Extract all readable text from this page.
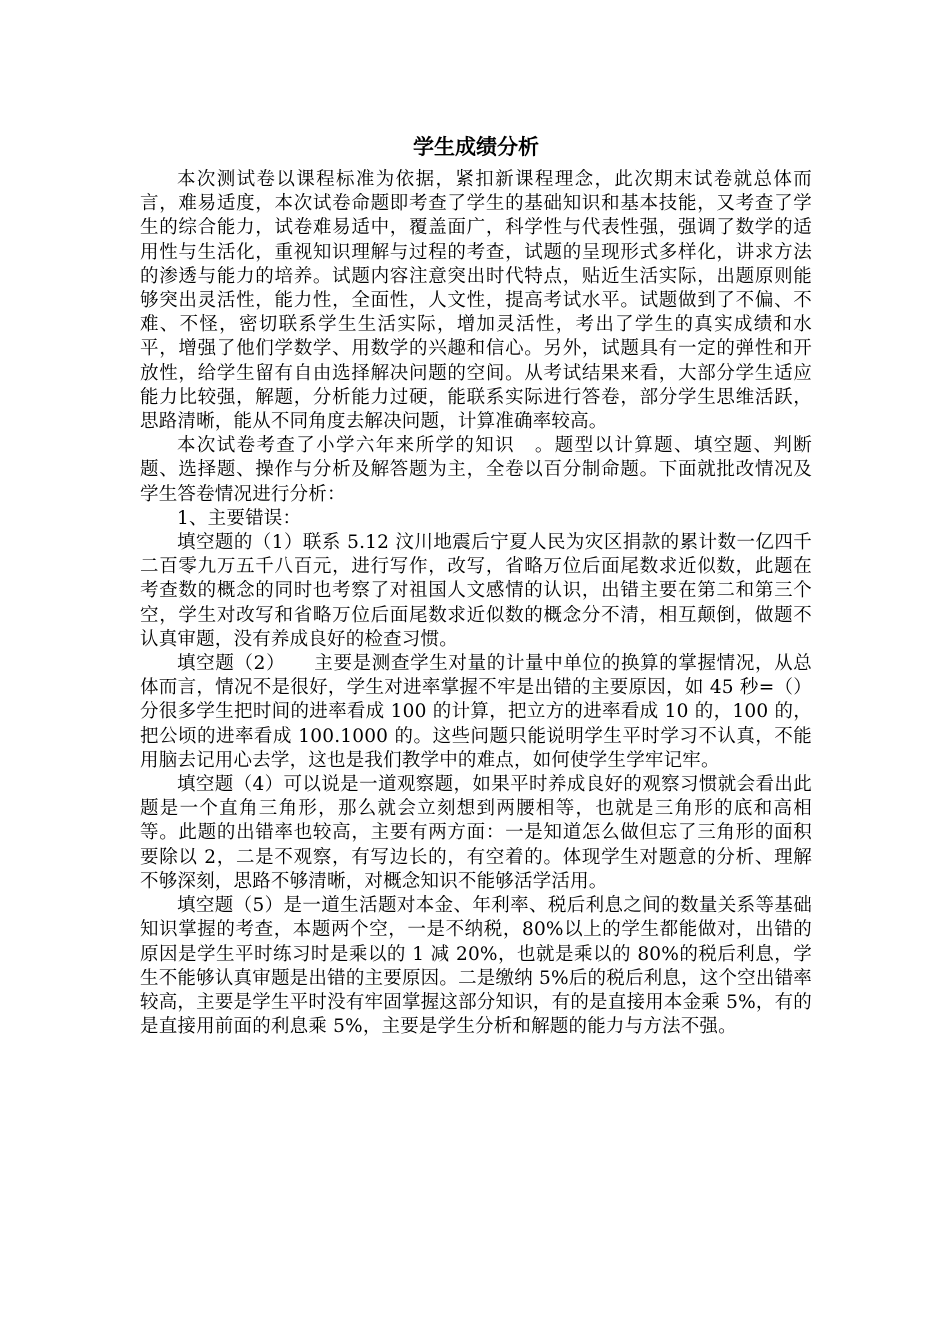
学生成绩分析

本次测试卷以课程标准为依据，紧扣新课程理念，此次期末试卷就总体而言，难易适度，本次试卷命题即考查了学生的基础知识和基本技能，又考查了学生的综合能力，试卷难易适中，覆盖面广，科学性与代表性强，强调了数学的适用性与生活化，重视知识理解与过程的考查，试题的呈现形式多样化，讲求方法的渗透与能力的培养。试题内容注意突出时代特点，贴近生活实际，出题原则能够突出灵活性，能力性，全面性，人文性，提高考试水平。试题做到了不偏、不难、不怪，密切联系学生生活实际，增加灵活性，考出了学生的真实成绩和水平，增强了他们学数学、用数学的兴趣和信心。另外，试题具有一定的弹性和开放性，给学生留有自由选择解决问题的空间。从考试结果来看，大部分学生适应能力比较强，解题，分析能力过硬，能联系实际进行答卷，部分学生思维活跃，思路清晰，能从不同角度去解决问题，计算准确率较高。

本次试卷考查了小学六年来所学的知识　。题型以计算题、填空题、判断题、选择题、操作与分析及解答题为主，全卷以百分制命题。下面就批改情况及学生答卷情况进行分析：

1、主要错误：

填空题的（1）联系 5.12 汶川地震后宁夏人民为灾区捐款的累计数一亿四千二百零九万五千八百元，进行写作，改写，省略万位后面尾数求近似数，此题在考查数的概念的同时也考察了对祖国人文感情的认识，出错主要在第二和第三个空，学生对改写和省略万位后面尾数求近似数的概念分不清，相互颠倒，做题不认真审题，没有养成良好的检查习惯。

填空题（2）　　主要是测查学生对量的计量中单位的换算的掌握情况，从总体而言，情况不是很好，学生对进率掌握不牢是出错的主要原因，如 45 秒=（）分很多学生把时间的进率看成 100 的计算，把立方的进率看成 10 的，100 的，把公顷的进率看成 100.1000 的。这些问题只能说明学生平时学习不认真，不能用脑去记用心去学，这也是我们教学中的难点，如何使学生学牢记牢。

填空题（4）可以说是一道观察题，如果平时养成良好的观察习惯就会看出此题是一个直角三角形，那么就会立刻想到两腰相等，也就是三角形的底和高相等。此题的出错率也较高，主要有两方面：一是知道怎么做但忘了三角形的面积要除以 2，二是不观察，有写边长的，有空着的。体现学生对题意的分析、理解不够深刻，思路不够清晰，对概念知识不能够活学活用。

填空题（5）是一道生活题对本金、年利率、税后利息之间的数量关系等基础知识掌握的考查，本题两个空，一是不纳税，80%以上的学生都能做对，出错的原因是学生平时练习时是乘以的 1 减 20%，也就是乘以的 80%的税后利息，学生不能够认真审题是出错的主要原因。二是缴纳 5%后的税后利息，这个空出错率较高，主要是学生平时没有牢固掌握这部分知识，有的是直接用本金乘 5%，有的是直接用前面的利息乘 5%，主要是学生分析和解题的能力与方法不强。
